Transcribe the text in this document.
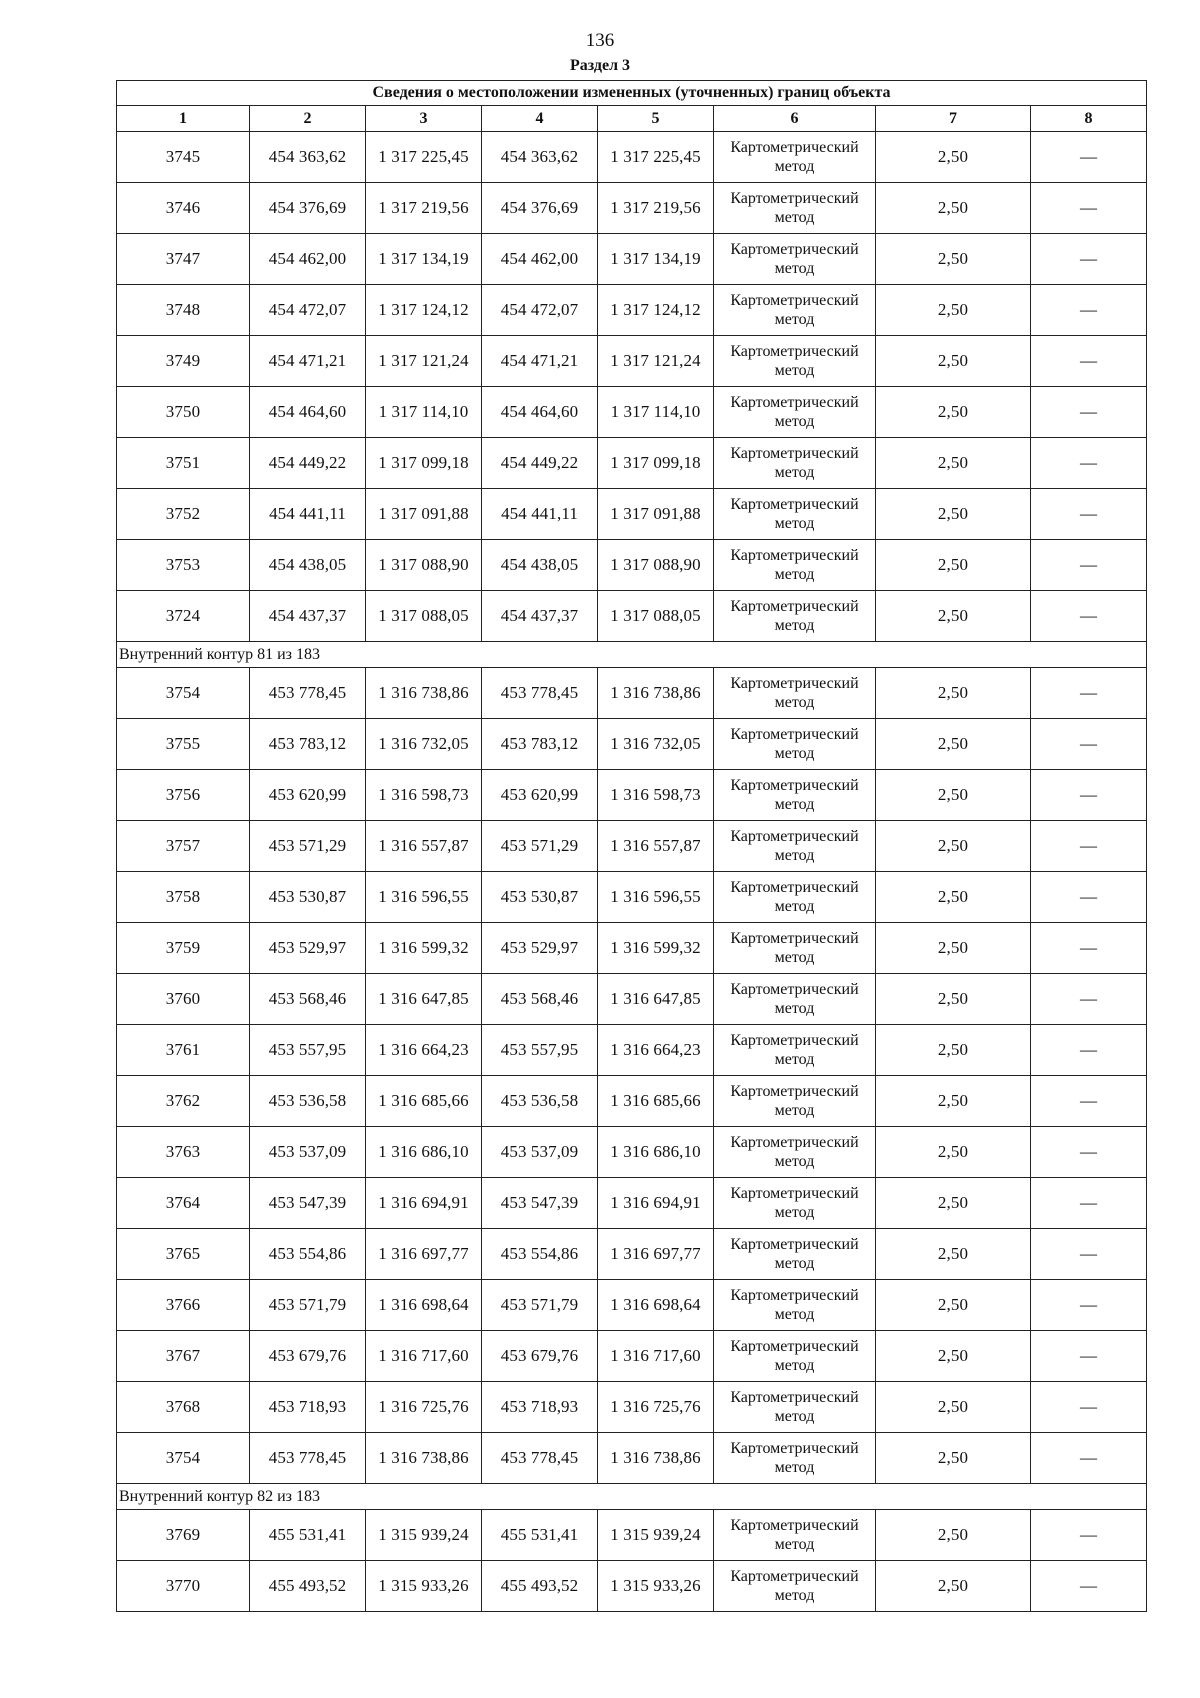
136
Раздел 3
Сведения о местоположении измененных (уточненных) границ объекта							
1	2	3	4	5	6	7	8
3745	454 363,62	1 317 225,45	454 363,62	1 317 225,45	Картометрический метод	2,50	—
3746	454 376,69	1 317 219,56	454 376,69	1 317 219,56	Картометрический метод	2,50	—
3747	454 462,00	1 317 134,19	454 462,00	1 317 134,19	Картометрический метод	2,50	—
3748	454 472,07	1 317 124,12	454 472,07	1 317 124,12	Картометрический метод	2,50	—
3749	454 471,21	1 317 121,24	454 471,21	1 317 121,24	Картометрический метод	2,50	—
3750	454 464,60	1 317 114,10	454 464,60	1 317 114,10	Картометрический метод	2,50	—
3751	454 449,22	1 317 099,18	454 449,22	1 317 099,18	Картометрический метод	2,50	—
3752	454 441,11	1 317 091,88	454 441,11	1 317 091,88	Картометрический метод	2,50	—
3753	454 438,05	1 317 088,90	454 438,05	1 317 088,90	Картометрический метод	2,50	—
3724	454 437,37	1 317 088,05	454 437,37	1 317 088,05	Картометрический метод	2,50	—
Внутренний контур 81 из 183							
3754	453 778,45	1 316 738,86	453 778,45	1 316 738,86	Картометрический метод	2,50	—
3755	453 783,12	1 316 732,05	453 783,12	1 316 732,05	Картометрический метод	2,50	—
3756	453 620,99	1 316 598,73	453 620,99	1 316 598,73	Картометрический метод	2,50	—
3757	453 571,29	1 316 557,87	453 571,29	1 316 557,87	Картометрический метод	2,50	—
3758	453 530,87	1 316 596,55	453 530,87	1 316 596,55	Картометрический метод	2,50	—
3759	453 529,97	1 316 599,32	453 529,97	1 316 599,32	Картометрический метод	2,50	—
3760	453 568,46	1 316 647,85	453 568,46	1 316 647,85	Картометрический метод	2,50	—
3761	453 557,95	1 316 664,23	453 557,95	1 316 664,23	Картометрический метод	2,50	—
3762	453 536,58	1 316 685,66	453 536,58	1 316 685,66	Картометрический метод	2,50	—
3763	453 537,09	1 316 686,10	453 537,09	1 316 686,10	Картометрический метод	2,50	—
3764	453 547,39	1 316 694,91	453 547,39	1 316 694,91	Картометрический метод	2,50	—
3765	453 554,86	1 316 697,77	453 554,86	1 316 697,77	Картометрический метод	2,50	—
3766	453 571,79	1 316 698,64	453 571,79	1 316 698,64	Картометрический метод	2,50	—
3767	453 679,76	1 316 717,60	453 679,76	1 316 717,60	Картометрический метод	2,50	—
3768	453 718,93	1 316 725,76	453 718,93	1 316 725,76	Картометрический метод	2,50	—
3754	453 778,45	1 316 738,86	453 778,45	1 316 738,86	Картометрический метод	2,50	—
Внутренний контур 82 из 183							
3769	455 531,41	1 315 939,24	455 531,41	1 315 939,24	Картометрический метод	2,50	—
3770	455 493,52	1 315 933,26	455 493,52	1 315 933,26	Картометрический метод	2,50	—
